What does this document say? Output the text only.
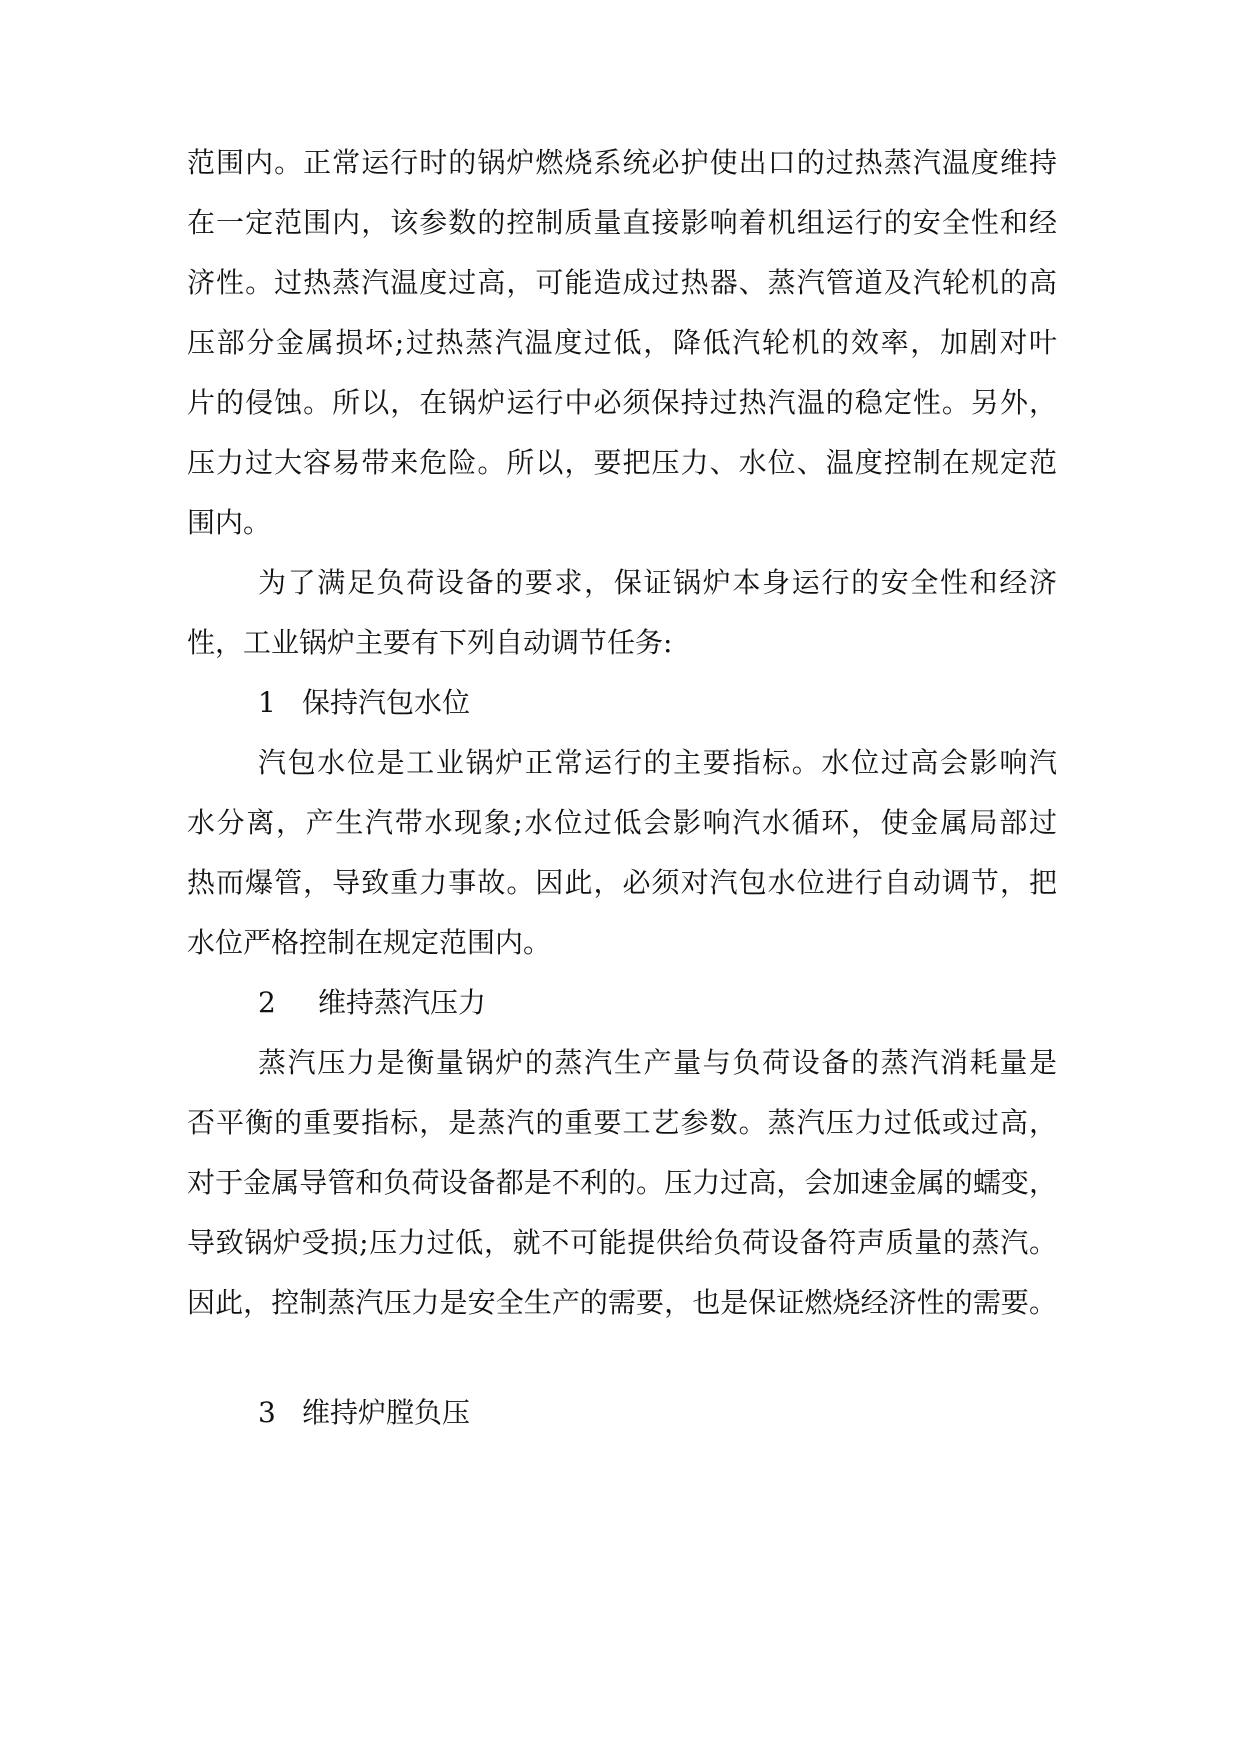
范围内。正常运行时的锅炉燃烧系统必护使出口的过热蒸汽温度维持
在一定范围内，该参数的控制质量直接影响着机组运行的安全性和经
济性。过热蒸汽温度过高，可能造成过热器、蒸汽管道及汽轮机的高
压部分金属损坏;过热蒸汽温度过低，降低汽轮机的效率，加剧对叶
片的侵蚀。所以，在锅炉运行中必须保持过热汽温的稳定性。另外，
压力过大容易带来危险。所以，要把压力、水位、温度控制在规定范
围内。
为了满足负荷设备的要求，保证锅炉本身运行的安全性和经济
性，工业锅炉主要有下列自动调节任务:
1 保持汽包水位
汽包水位是工业锅炉正常运行的主要指标。水位过高会影响汽
水分离，产生汽带水现象;水位过低会影响汽水循环，使金属局部过
热而爆管，导致重力事故。因此，必须对汽包水位进行自动调节，把
水位严格控制在规定范围内。
2 维持蒸汽压力
蒸汽压力是衡量锅炉的蒸汽生产量与负荷设备的蒸汽消耗量是
否平衡的重要指标，是蒸汽的重要工艺参数。蒸汽压力过低或过高，
对于金属导管和负荷设备都是不利的。压力过高，会加速金属的蠕变，
导致锅炉受损;压力过低，就不可能提供给负荷设备符声质量的蒸汽。
因此，控制蒸汽压力是安全生产的需要，也是保证燃烧经济性的需要。
3 维持炉膛负压
